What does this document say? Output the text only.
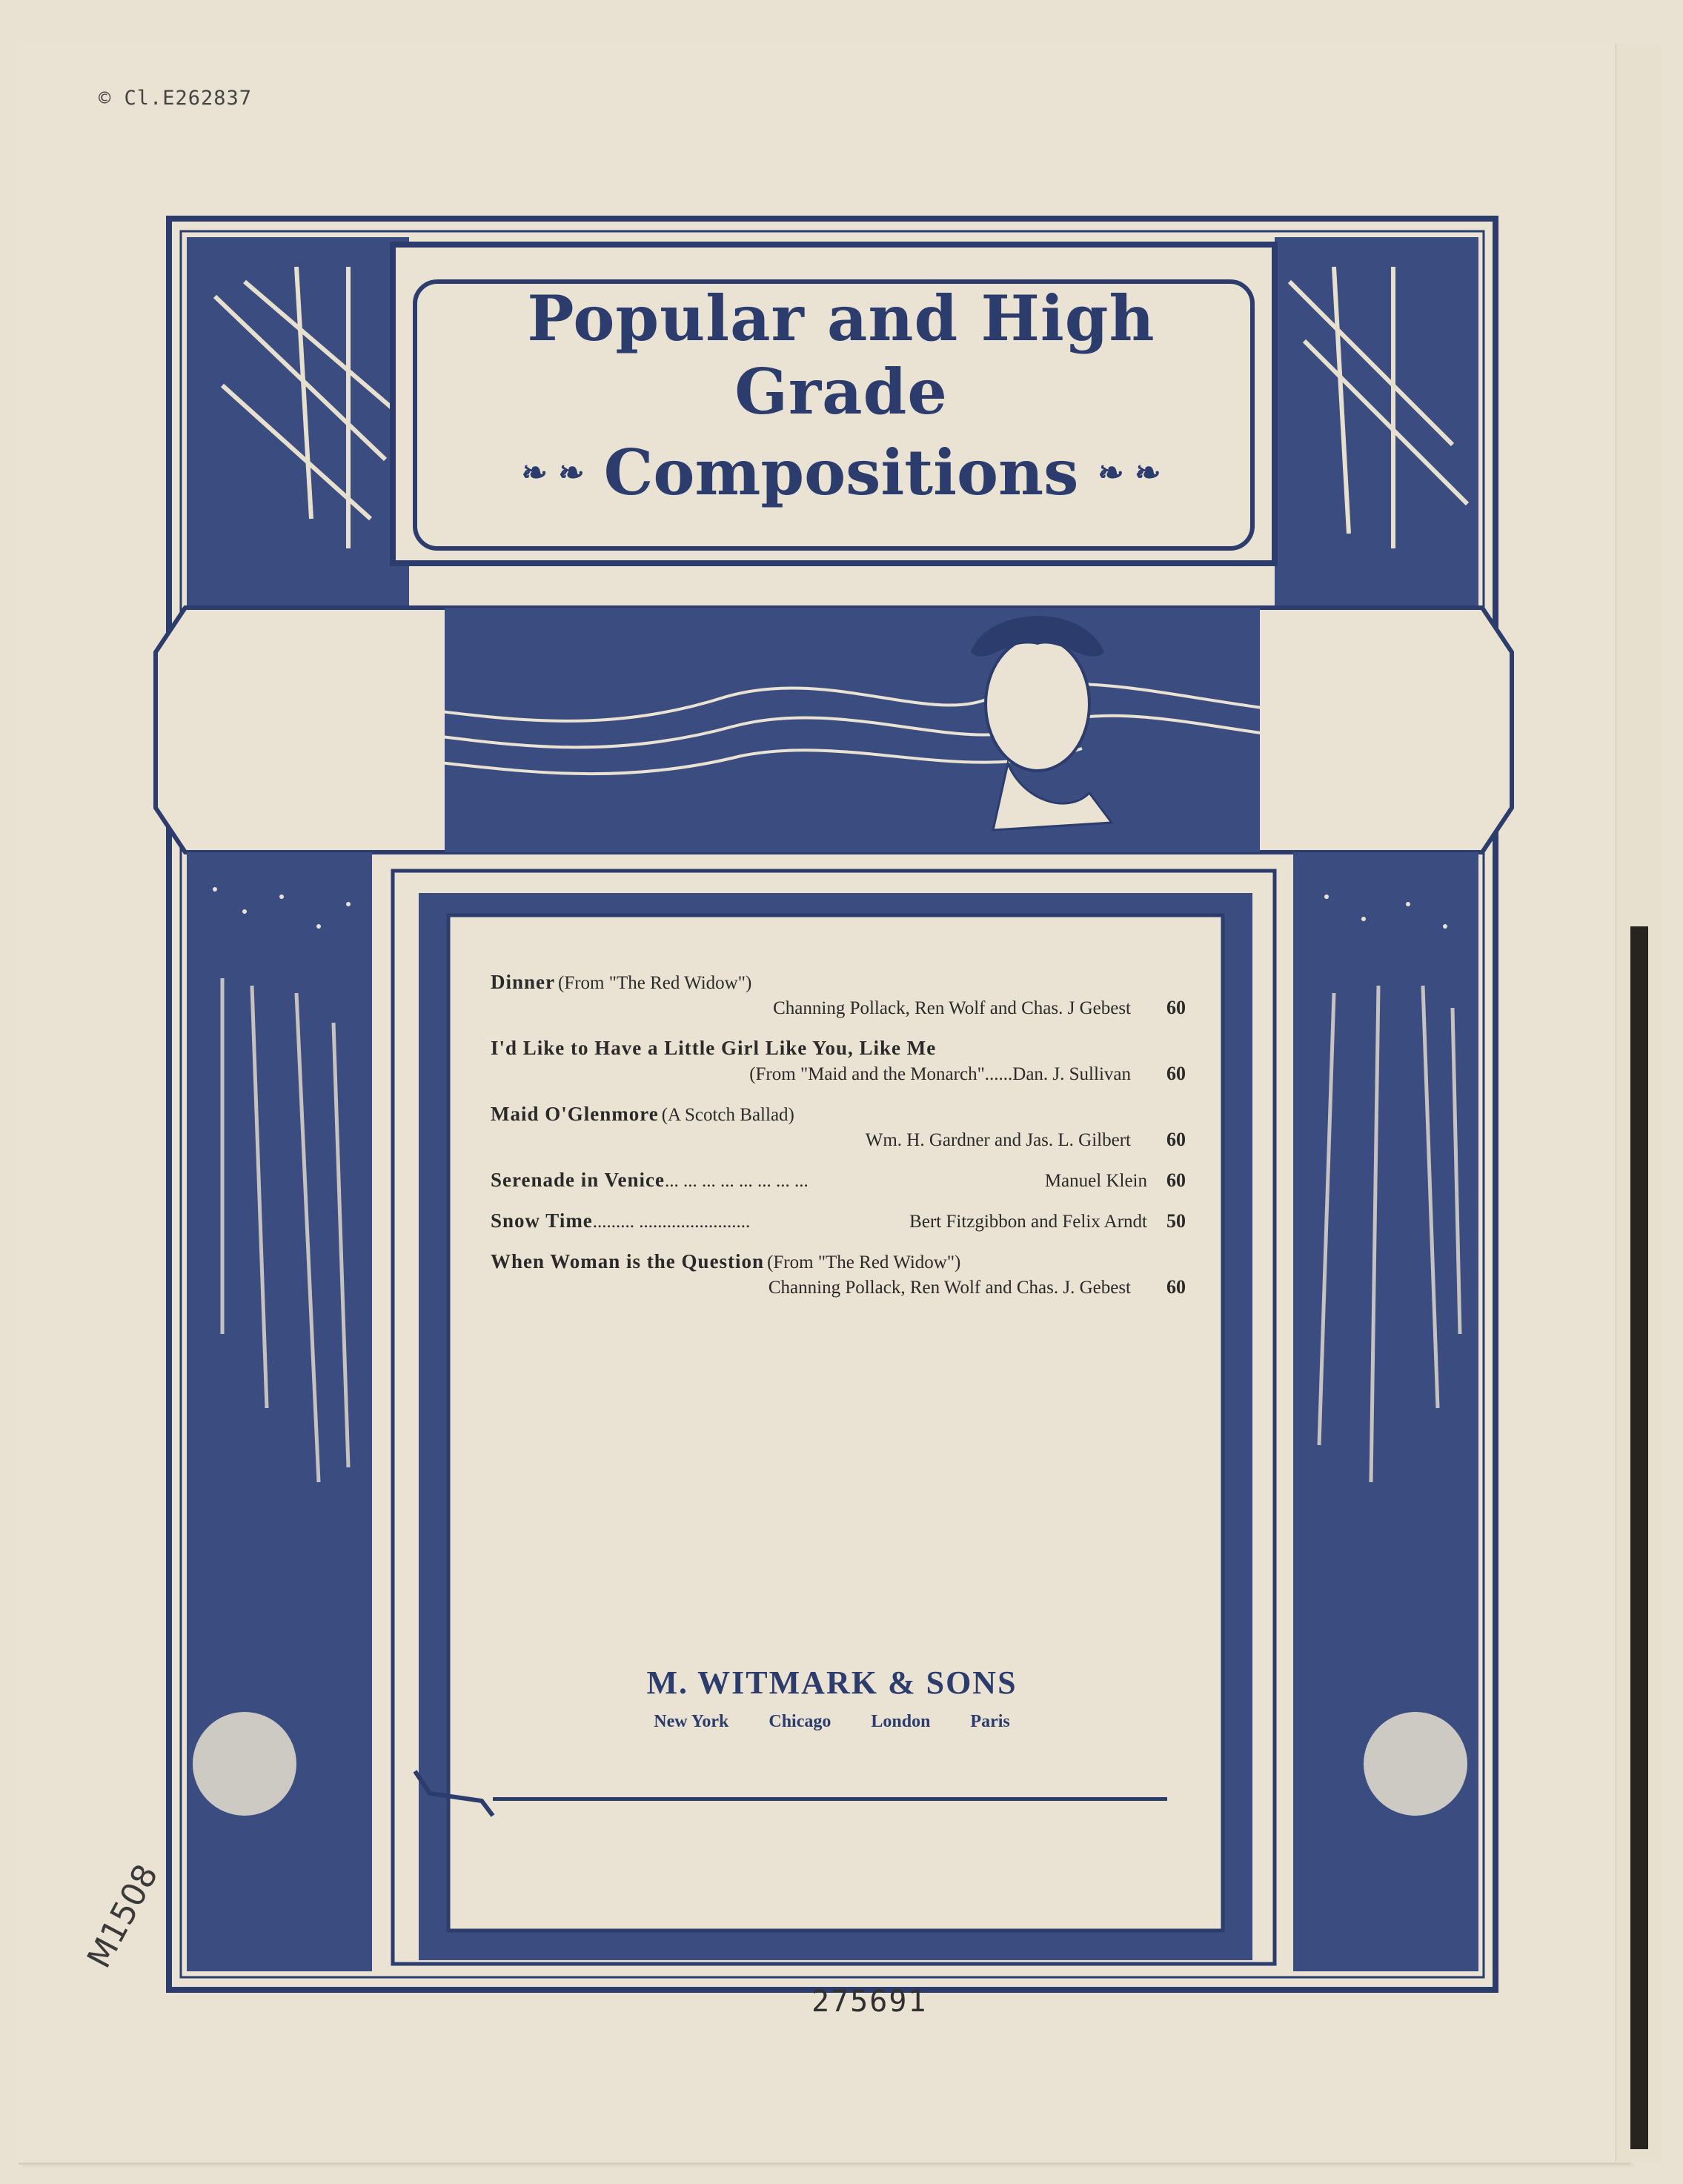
© Cl.E262837
Popular and High Grade
❧ ❧ Compositions ❧ ❧
Dinner (From "The Red Widow")
Channing Pollack, Ren Wolf and Chas. J Gebest	60
I'd Like to Have a Little Girl Like You, Like Me
(From "Maid and the Monarch"......Dan. J. Sullivan	60
Maid O'Glenmore (A Scotch Ballad)
Wm. H. Gardner and Jas. L. Gilbert	60
Serenade in Venice... ... ... ... ... ... ... ...	Manuel Klein 60
Snow Time......... ........................	Bert Fitzgibbon and Felix Arndt 50
When Woman is the Question (From "The Red Widow")
Channing Pollack, Ren Wolf and Chas. J. Gebest	60
M. WITMARK & SONS
New York Chicago London Paris
275691
M1508
